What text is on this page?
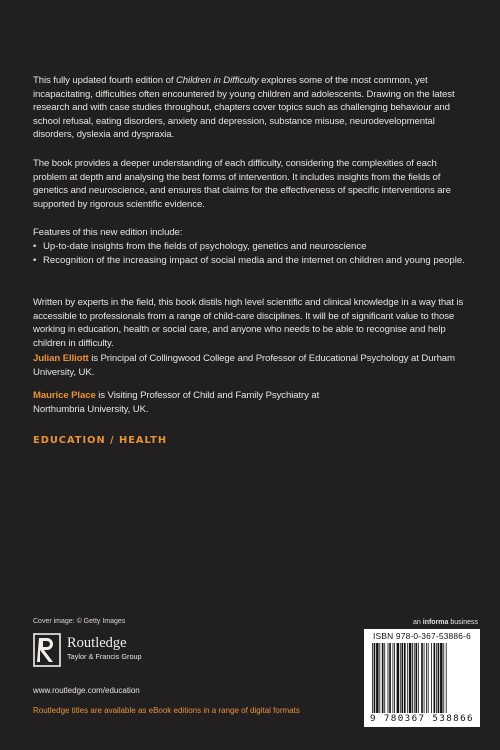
This fully updated fourth edition of Children in Difficulty explores some of the most common, yet incapacitating, difficulties often encountered by young children and adolescents. Drawing on the latest research and with case studies throughout, chapters cover topics such as challenging behaviour and school refusal, eating disorders, anxiety and depression, substance misuse, neurodevelopmental disorders, dyslexia and dyspraxia.
The book provides a deeper understanding of each difficulty, considering the complexities of each problem at depth and analysing the best forms of intervention. It includes insights from the fields of genetics and neuroscience, and ensures that claims for the effectiveness of specific interventions are supported by rigorous scientific evidence.
Features of this new edition include:
• Up-to-date insights from the fields of psychology, genetics and neuroscience
• Recognition of the increasing impact of social media and the internet on children and young people.
Written by experts in the field, this book distils high level scientific and clinical knowledge in a way that is accessible to professionals from a range of child-care disciplines. It will be of significant value to those working in education, health or social care, and anyone who needs to be able to recognise and help children in difficulty.
Julian Elliott is Principal of Collingwood College and Professor of Educational Psychology at Durham University, UK.
Maurice Place is Visiting Professor of Child and Family Psychiatry at Northumbria University, UK.
EDUCATION / HEALTH
Cover image: © Getty Images	an informa business
Routledge
Taylor & Francis Group
www.routledge.com/education
Routledge titles are available as eBook editions in a range of digital formats
ISBN 978-0-367-53886-6
9 780367 538866
